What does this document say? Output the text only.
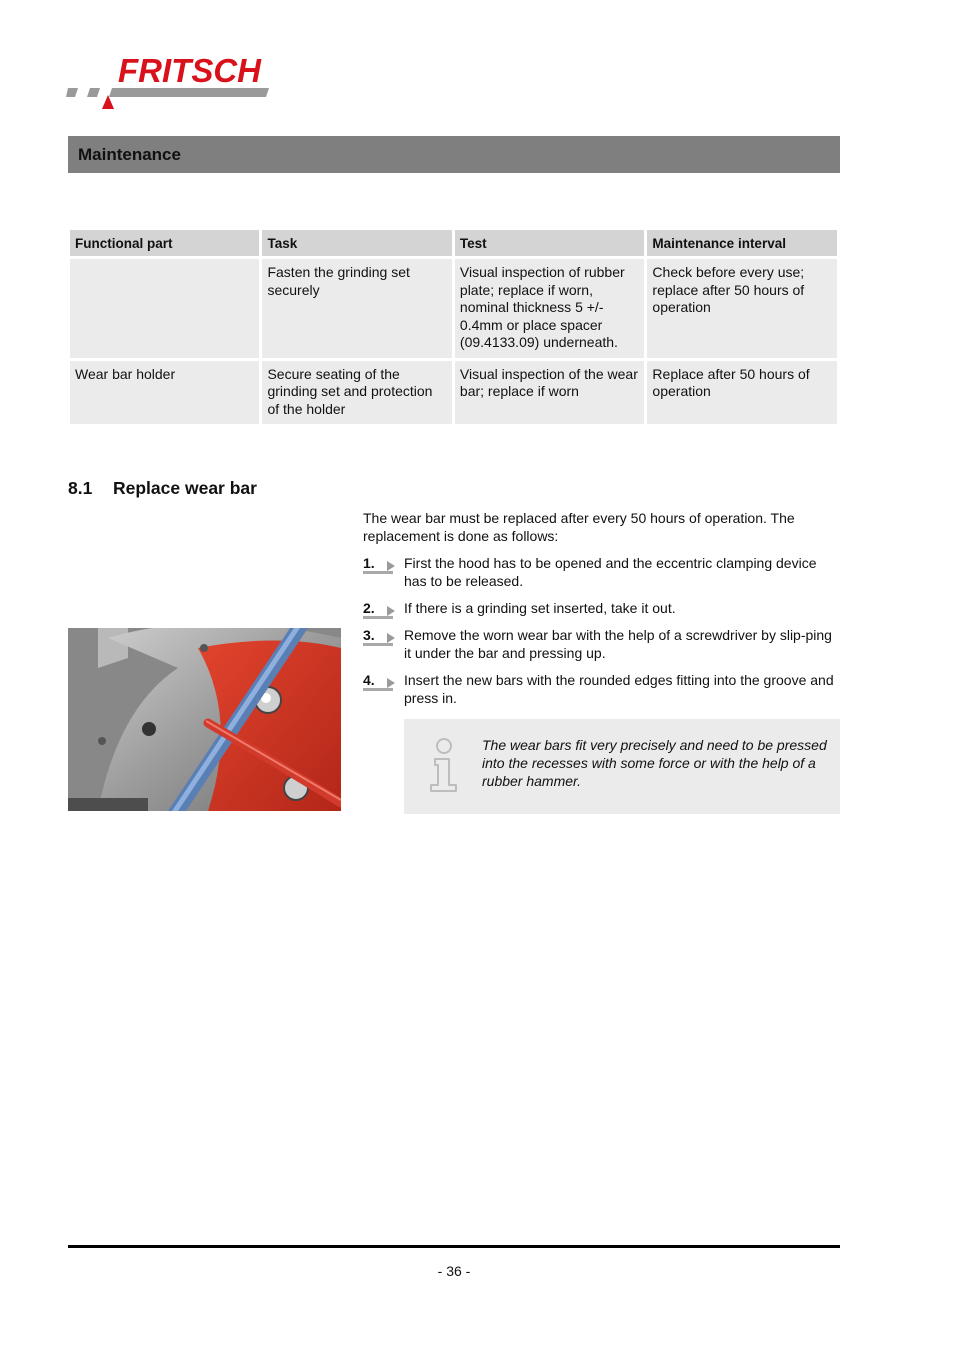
FRITSCH
Maintenance
Functional part	Task	Test	Maintenance interval
	Fasten the grinding set securely	Visual inspection of rubber plate; replace if worn, nominal thickness 5 +/- 0.4mm or place spacer (09.4133.09) underneath.	Check before every use; replace after 50 hours of operation
Wear bar holder	Secure seating of the grinding set and protection of the holder	Visual inspection of the wear bar; replace if worn	Replace after 50 hours of operation
8.1 Replace wear bar
The wear bar must be replaced after every 50 hours of operation. The replacement is done as follows:
1. First the hood has to be opened and the eccentric clamping device has to be released.
2. If there is a grinding set inserted, take it out.
3. Remove the worn wear bar with the help of a screwdriver by slip-ping it under the bar and pressing up.
4. Insert the new bars with the rounded edges fitting into the groove and press in.
The wear bars fit very precisely and need to be pressed into the recesses with some force or with the help of a rubber hammer.
- 36 -
